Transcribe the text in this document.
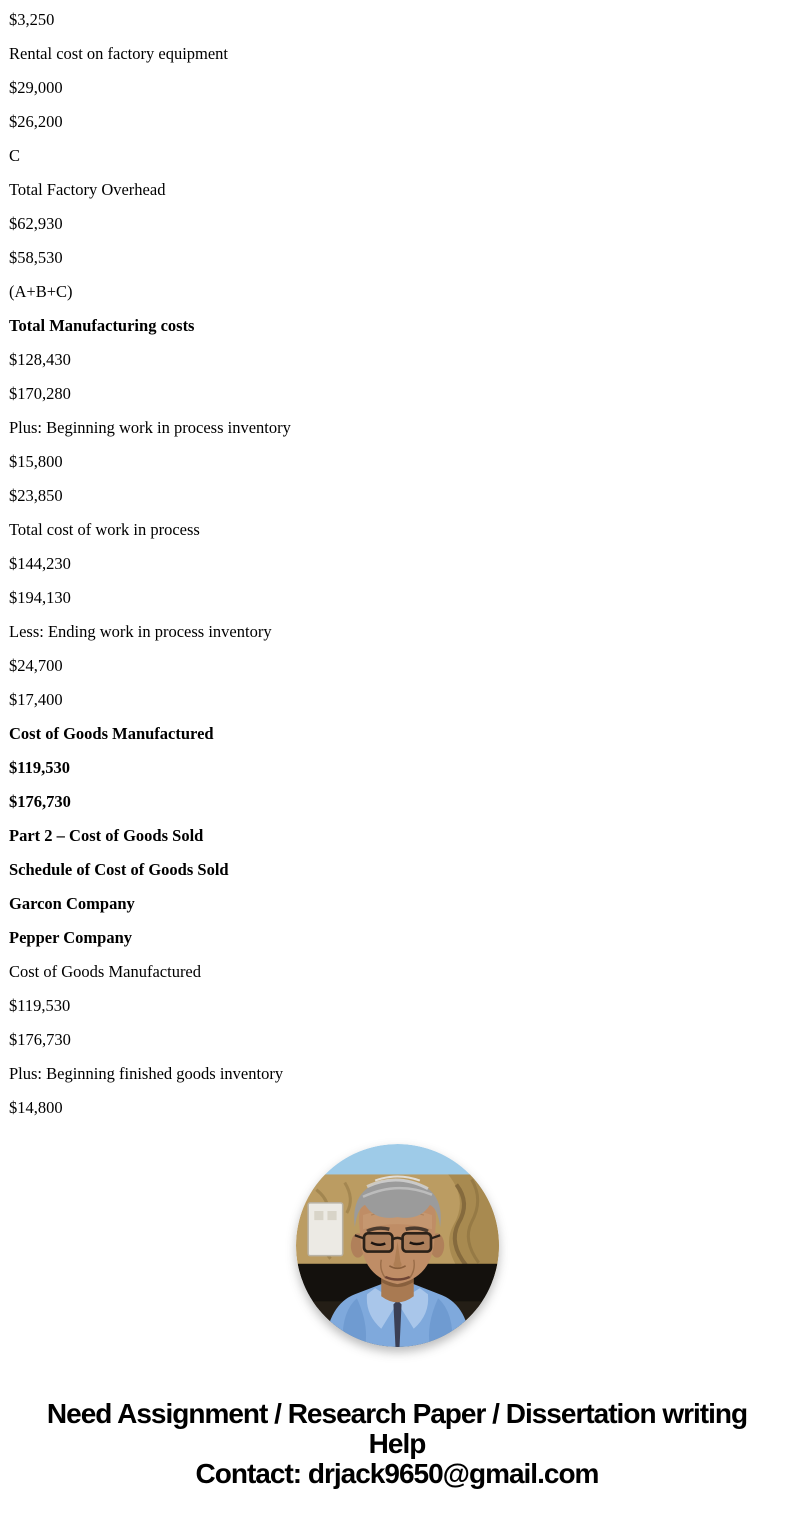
$3,250

Rental cost on factory equipment

$29,000

$26,200

C

Total Factory Overhead

$62,930

$58,530

(A+B+C)

Total Manufacturing costs

$128,430

$170,280

Plus: Beginning work in process inventory

$15,800

$23,850

Total cost of work in process

$144,230

$194,130

Less: Ending work in process inventory

$24,700

$17,400

Cost of Goods Manufactured

$119,530

$176,730

Part 2 – Cost of Goods Sold

Schedule of Cost of Goods Sold

Garcon Company

Pepper Company

Cost of Goods Manufactured

$119,530

$176,730

Plus: Beginning finished goods inventory

$14,800

Need Assignment / Research Paper / Dissertation writing Help
Contact: drjack9650@gmail.com
